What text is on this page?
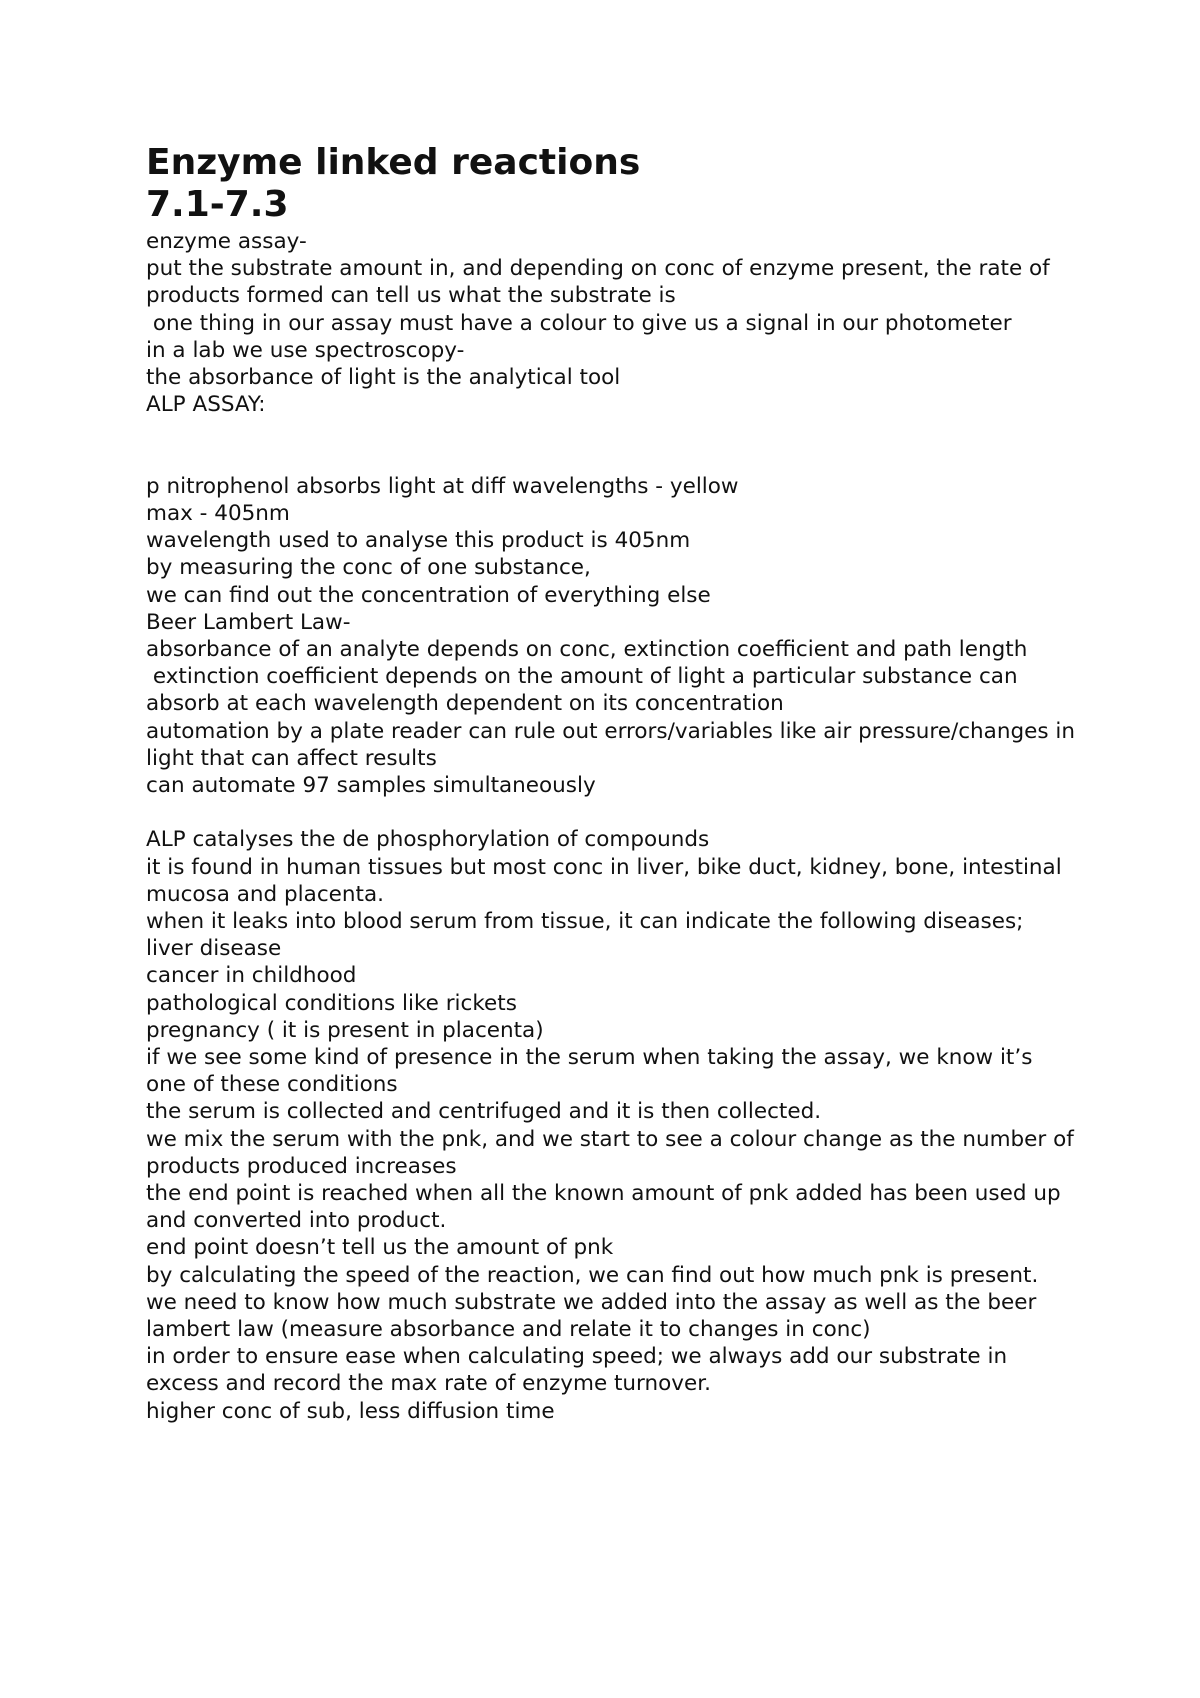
Enzyme linked reactions
7.1-7.3
enzyme assay-
put the substrate amount in, and depending on conc of enzyme present, the rate of products formed can tell us what the substrate is
one thing in our assay must have a colour to give us a signal in our photometer
in a lab we use spectroscopy-
the absorbance of light is the analytical tool
ALP ASSAY:
p nitrophenol absorbs light at diff wavelengths - yellow
max - 405nm
wavelength used to analyse this product is 405nm
by measuring the conc of one substance,
we can find out the concentration of everything else
Beer Lambert Law-
absorbance of an analyte depends on conc, extinction coefficient and path length
extinction coefficient depends on the amount of light a particular substance can absorb at each wavelength dependent on its concentration
automation by a plate reader can rule out errors/variables like air pressure/changes in light that can affect results
can automate 97 samples simultaneously
ALP catalyses the de phosphorylation of compounds
it is found in human tissues but most conc in liver, bike duct, kidney, bone, intestinal mucosa and placenta.
when it leaks into blood serum from tissue, it can indicate the following diseases;
liver disease
cancer in childhood
pathological conditions like rickets
pregnancy ( it is present in placenta)
if we see some kind of presence in the serum when taking the assay, we know it’s one of these conditions
the serum is collected and centrifuged and it is then collected.
we mix the serum with the pnk, and we start to see a colour change as the number of products produced increases
the end point is reached when all the known amount of pnk added has been used up and converted into product.
end point doesn’t tell us the amount of pnk
by calculating the speed of the reaction, we can find out how much pnk is present.
we need to know how much substrate we added into the assay as well as the beer lambert law (measure absorbance and relate it to changes in conc)
in order to ensure ease when calculating speed; we always add our substrate in excess and record the max rate of enzyme turnover.
higher conc of sub, less diffusion time
